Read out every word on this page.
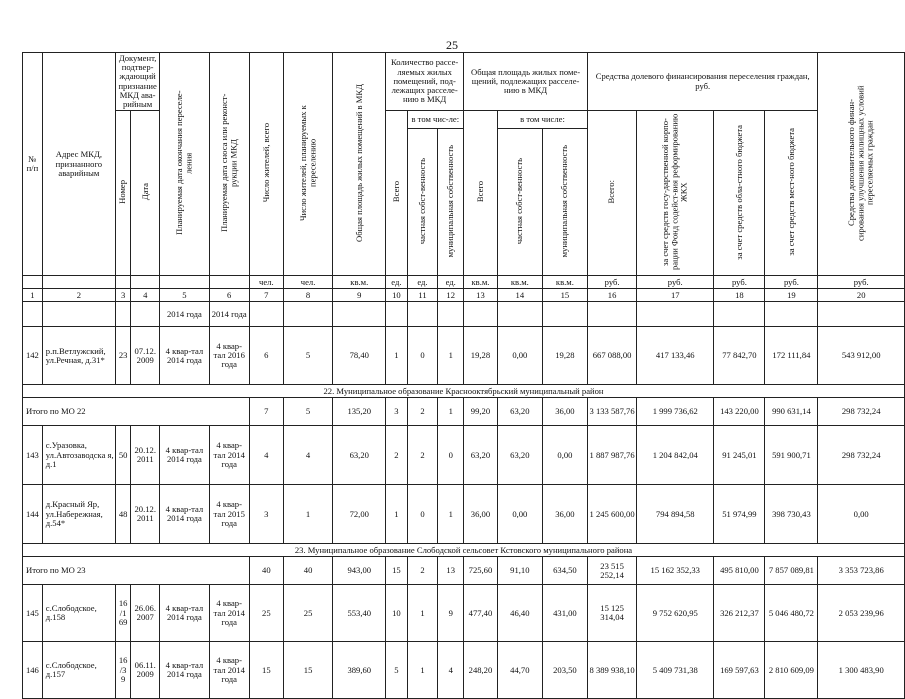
25
№ п/п	Адрес МКД, признанного аварийным	Документ, подтвер-ждающий признание МКД ава-рийным		Планируемая дата окончания переселе-ления	Планируемая дата сноса или реконст-рукции МКД	Число жителей, всего	Число жителей, планируемых к переселению	Общая площадь жилых помещений в МКД	Количество рассе-ляемых жилых помещений, под-лежащих расселе-нию в МКД			Общая площадь жилых поме-щений, подлежащих расселе-нию в МКД			Средства долевого финансирования переселения граждан, руб.				Средства дополнительного финан-сирования улучшения жилищных условий переселяемых граждан
		Номер	Дата						Всего	в том чис-ле:		Всего	в том числе:		Всего:	за счет средств госу-дарственной корпо-рации Фонд содейст-вия реформированию ЖКХ	за счет средств обла-стного бюджета	за счет средств мест-ного бюджета	
										частная собст-венность	муниципальная собственность		частная собст-венность	муниципальная собственность					
						чел.	чел.	кв.м.	ед.	ед.	ед.	кв.м.	кв.м.	кв.м.	руб.	руб.	руб.	руб.	руб.
1	2	3	4	5	6	7	8	9	10	11	12	13	14	15	16	17	18	19	20
				2014 года	2014 года														
142	р.п.Ветлужский, ул.Речная, д.31*	23	07.12. 2009	4 квар-тал 2014 года	4 квар-тал 2016 года	6	5	78,40	1	0	1	19,28	0,00	19,28	667 088,00	417 133,46	77 842,70	172 111,84	543 912,00
22. Муниципальное образование Краснооктябрьский муниципальный район																			
Итого по МО 22						7	5	135,20	3	2	1	99,20	63,20	36,00	3 133 587,76	1 999 736,62	143 220,00	990 631,14	298 732,24
143	с.Уразовка, ул.Автозаводска я, д.1	50	20.12. 2011	4 квар-тал 2014 года	4 квар-тал 2014 года	4	4	63,20	2	2	0	63,20	63,20	0,00	1 887 987,76	1 204 842,04	91 245,01	591 900,71	298 732,24
144	д.Красный Яр, ул.Набережная, д.54*	48	20.12. 2011	4 квар-тал 2014 года	4 квар-тал 2015 года	3	1	72,00	1	0	1	36,00	0,00	36,00	1 245 600,00	794 894,58	51 974,99	398 730,43	0,00
23. Муниципальное образование Слободской сельсовет Кстовского муниципального района																			
Итого по МО 23						40	40	943,00	15	2	13	725,60	91,10	634,50	23 515 252,14	15 162 352,33	495 810,00	7 857 089,81	3 353 723,86
145	с.Слободское, д.158	16 /1 69	26.06. 2007	4 квар-тал 2014 года	4 квар-тал 2014 года	25	25	553,40	10	1	9	477,40	46,40	431,00	15 125 314,04	9 752 620,95	326 212,37	5 046 480,72	2 053 239,96
146	с.Слободское, д.157	16 /3 9	06.11. 2009	4 квар-тал 2014 года	4 квар-тал 2014 года	15	15	389,60	5	1	4	248,20	44,70	203,50	8 389 938,10	5 409 731,38	169 597,63	2 810 609,09	1 300 483,90
